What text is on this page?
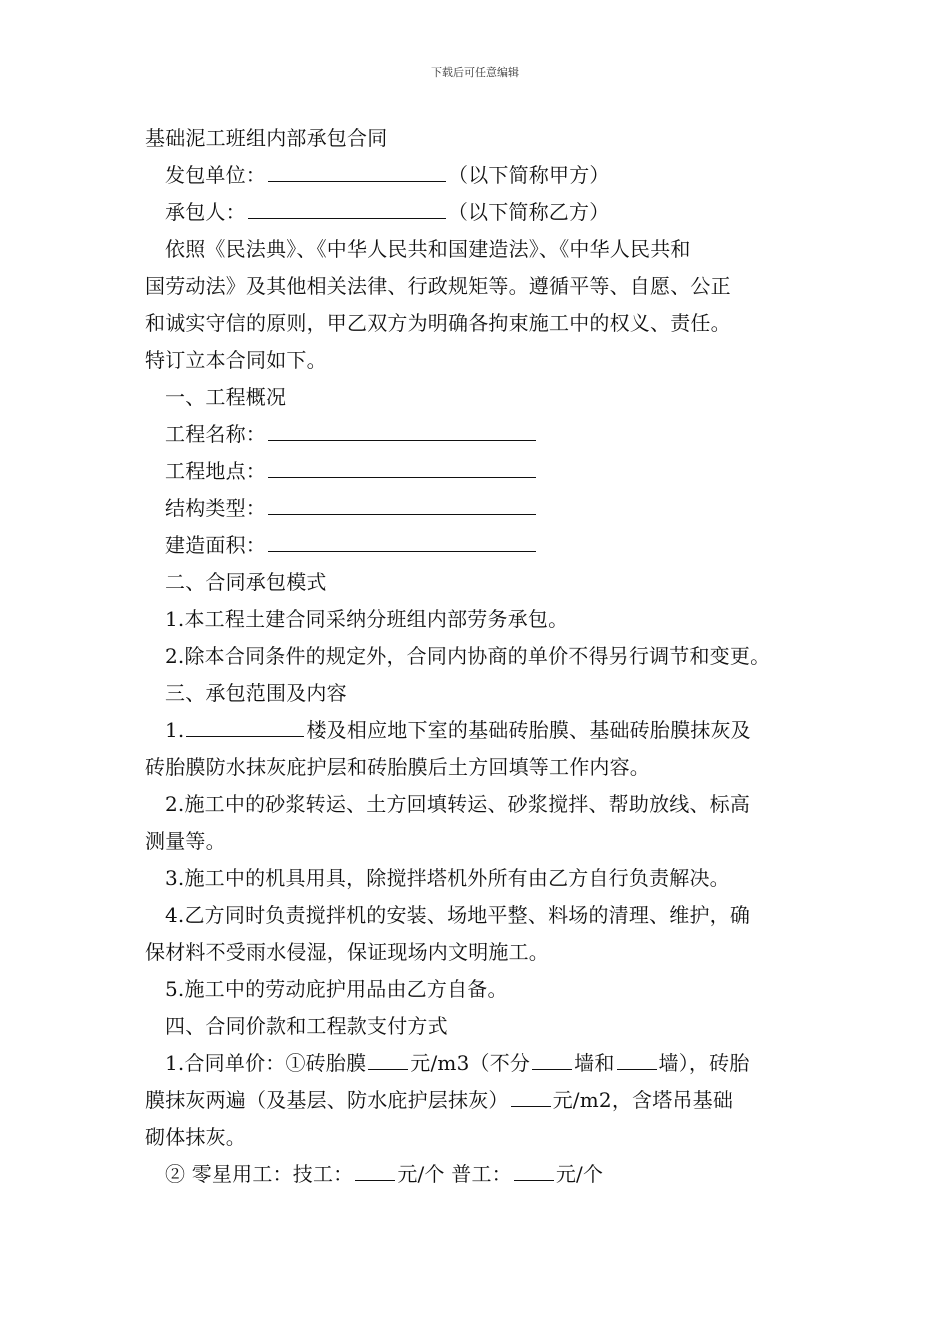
下载后可任意编辑
基础泥工班组内部承包合同
发包单位：	（以下简称甲方）
承包人：	（以下简称乙方）
依照《民法典》、《中华人民共和国建造法》、《中华人民共和
国劳动法》及其他相关法律、行政规矩等。遵循平等、自愿、公正
和诚实守信的原则，甲乙双方为明确各拘束施工中的权义、责任。
特订立本合同如下。
一、工程概况
工程名称：
工程地点：
结构类型：
建造面积：
二、合同承包模式
1.本工程土建合同采纳分班组内部劳务承包。
2.除本合同条件的规定外，合同内协商的单价不得另行调节和变更。
三、承包范围及内容
1.	楼及相应地下室的基础砖胎膜、基础砖胎膜抹灰及
砖胎膜防水抹灰庇护层和砖胎膜后土方回填等工作内容。
2.施工中的砂浆转运、土方回填转运、砂浆搅拌、帮助放线、标高
测量等。
3.施工中的机具用具，除搅拌塔机外所有由乙方自行负责解决。
4.乙方同时负责搅拌机的安装、场地平整、料场的清理、维护，确
保材料不受雨水侵湿，保证现场内文明施工。
5.施工中的劳动庇护用品由乙方自备。
四、合同价款和工程款支付方式
1.合同单价：①砖胎膜 元/m3（不分 墙和 墙），砖胎
膜抹灰两遍（及基层、防水庇护层抹灰） 元/m2，含塔吊基础
砌体抹灰。
② 零星用工：技工： 元/个 普工： 元/个
